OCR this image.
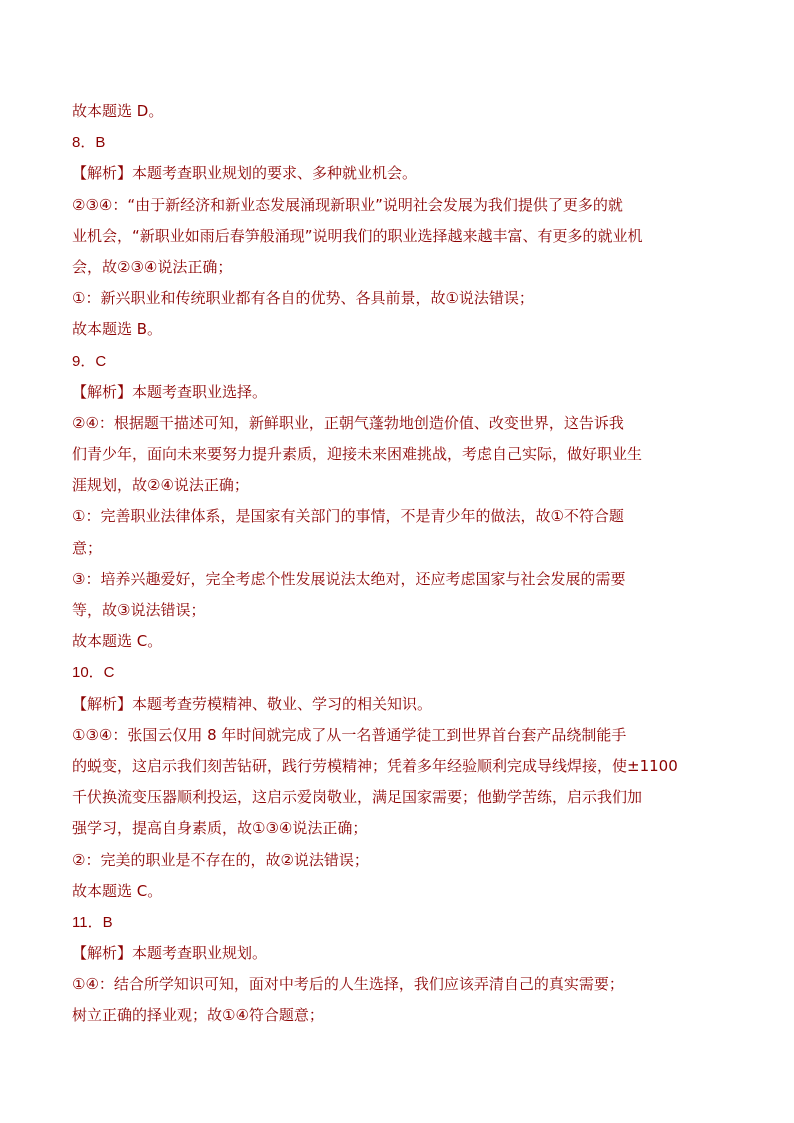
故本题选 D。
8．B
【解析】本题考查职业规划的要求、多种就业机会。
②③④：“由于新经济和新业态发展涌现新职业”说明社会发展为我们提供了更多的就
业机会，“新职业如雨后春笋般涌现”说明我们的职业选择越来越丰富、有更多的就业机
会，故②③④说法正确；
①：新兴职业和传统职业都有各自的优势、各具前景，故①说法错误；
故本题选 B。
9．C
【解析】本题考查职业选择。
②④：根据题干描述可知，新鲜职业，正朝气蓬勃地创造价值、改变世界，这告诉我
们青少年，面向未来要努力提升素质，迎接未来困难挑战，考虑自己实际，做好职业生
涯规划，故②④说法正确；
①：完善职业法律体系，是国家有关部门的事情，不是青少年的做法，故①不符合题
意；
③：培养兴趣爱好，完全考虑个性发展说法太绝对，还应考虑国家与社会发展的需要
等，故③说法错误；
故本题选 C。
10．C
【解析】本题考查劳模精神、敬业、学习的相关知识。
①③④：张国云仅用 8 年时间就完成了从一名普通学徒工到世界首台套产品绕制能手
的蜕变，这启示我们刻苦钻研，践行劳模精神；凭着多年经验顺利完成导线焊接，使±1100
千伏换流变压器顺利投运，这启示爱岗敬业，满足国家需要；他勤学苦练，启示我们加
强学习，提高自身素质，故①③④说法正确；
②：完美的职业是不存在的，故②说法错误；
故本题选 C。
11．B
【解析】本题考查职业规划。
①④：结合所学知识可知，面对中考后的人生选择，我们应该弄清自己的真实需要；
树立正确的择业观；故①④符合题意；
